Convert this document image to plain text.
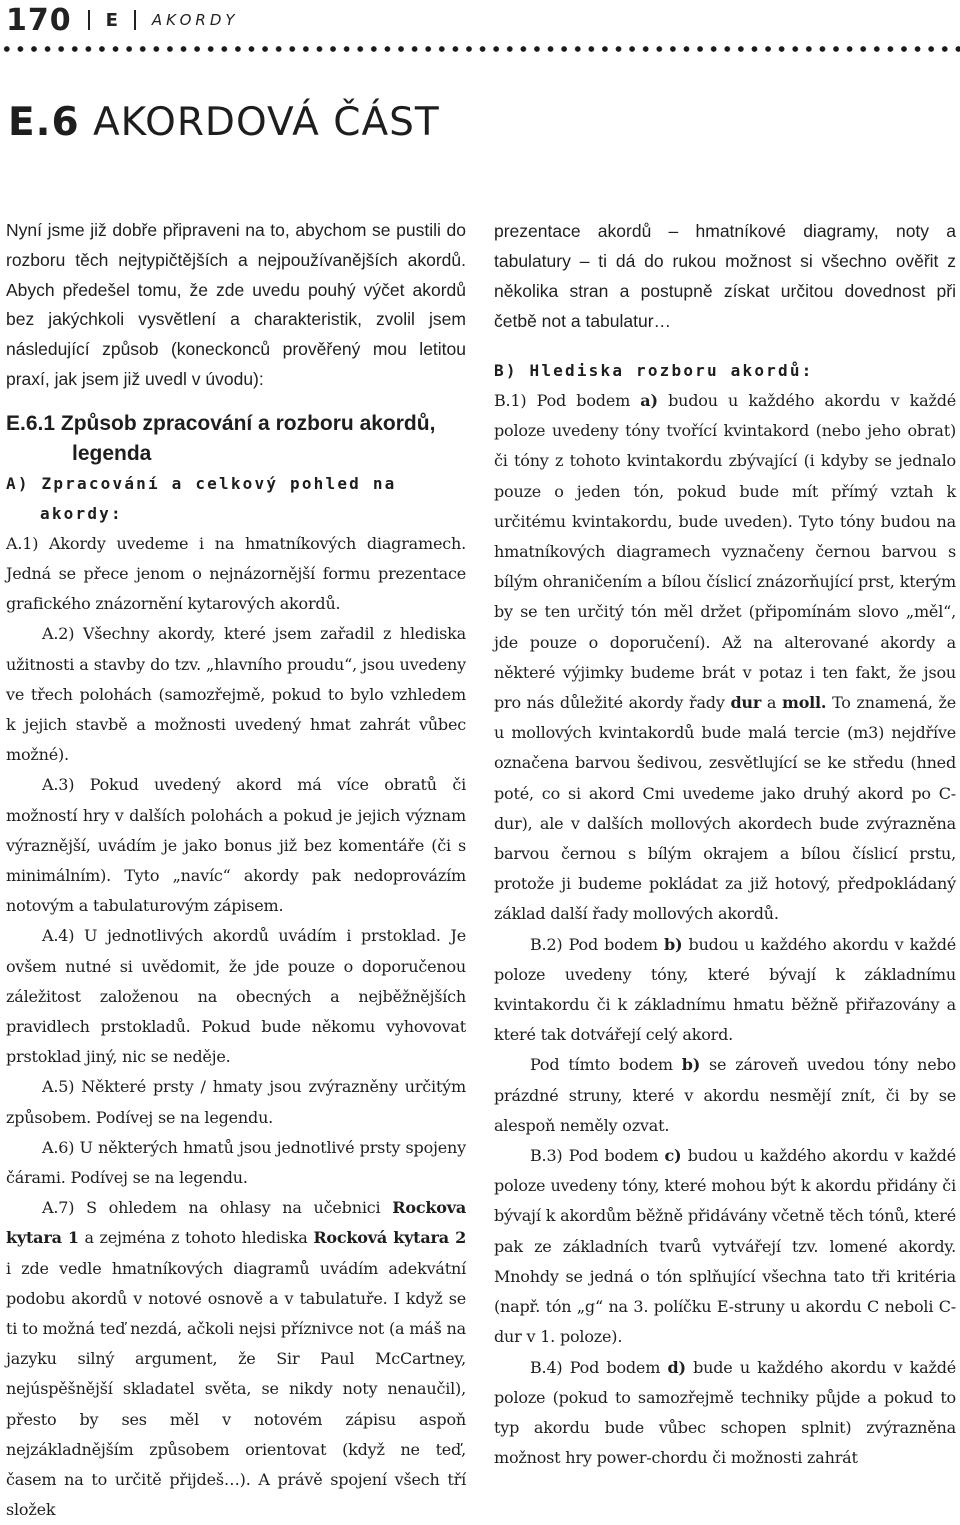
170 E AKORDY
E.6 AKORDOVÁ ČÁST

Nyní jsme již dobře připraveni na to, abychom se pustili do rozboru těch nejtypičtějších a nejpoužívanějších akordů. Abych předešel tomu, že zde uvedu pouhý výčet akordů bez jakýchkoli vysvětlení a charakteristik, zvolil jsem následující způsob (koneckonců prověřený mou letitou praxí, jak jsem již uvedl v úvodu):

E.6.1 Způsob zpracování a rozboru akordů, legenda
A) Zpracování a celkový pohled na akordy:

A.1) Akordy uvedeme i na hmatníkových diagramech. Jedná se přece jenom o nejnázornější formu prezentace grafického znázornění kytarových akordů.

A.2) Všechny akordy, které jsem zařadil z hlediska užitnosti a stavby do tzv. „hlavního proudu“, jsou uvedeny ve třech polohách (samozřejmě, pokud to bylo vzhledem k jejich stavbě a možnosti uvedený hmat zahrát vůbec možné).

A.3) Pokud uvedený akord má více obratů či možností hry v dalších polohách a pokud je jejich význam výraznější, uvádím je jako bonus již bez komentáře (či s minimálním). Tyto „navíc“ akordy pak nedoprovázím notovým a tabulaturovým zápisem.

A.4) U jednotlivých akordů uvádím i prstoklad. Je ovšem nutné si uvědomit, že jde pouze o doporučenou záležitost založenou na obecných a nejběžnějších pravidlech prstokladů. Pokud bude někomu vyhovovat prstoklad jiný, nic se neděje.

A.5) Některé prsty / hmaty jsou zvýrazněny určitým způsobem. Podívej se na legendu.

A.6) U některých hmatů jsou jednotlivé prsty spojeny čárami. Podívej se na legendu.

A.7) S ohledem na ohlasy na učebnici Rockova kytara 1 a zejména z tohoto hlediska Rocková kytara 2 i zde vedle hmatníkových diagramů uvádím adekvátní podobu akordů v notové osnově a v tabulatuře. I když se ti to možná teď nezdá, ačkoli nejsi příznivce not (a máš na jazyku silný argument, že Sir Paul McCartney, nejúspěšnější skladatel světa, se nikdy noty nenaučil), přesto by ses měl v notovém zápisu aspoň nejzákladnějším způsobem orientovat (když ne teď, časem na to určitě přijdeš…). A právě spojení všech tří složek

prezentace akordů – hmatníkové diagramy, noty a tabulatury – ti dá do rukou možnost si všechno ověřit z několika stran a postupně získat určitou dovednost při četbě not a tabulatur…

B) Hlediska rozboru akordů:

B.1) Pod bodem a) budou u každého akordu v každé poloze uvedeny tóny tvořící kvintakord (nebo jeho obrat) či tóny z tohoto kvintakordu zbývající (i kdyby se jednalo pouze o jeden tón, pokud bude mít přímý vztah k určitému kvintakordu, bude uveden). Tyto tóny budou na hmatníkových diagramech vyznačeny černou barvou s bílým ohraničením a bílou číslicí znázorňující prst, kterým by se ten určitý tón měl držet (připomínám slovo „měl“, jde pouze o doporučení). Až na alterované akordy a některé výjimky budeme brát v potaz i ten fakt, že jsou pro nás důležité akordy řady dur a moll. To znamená, že u mollových kvintakordů bude malá tercie (m3) nejdříve označena barvou šedivou, zesvětlující se ke středu (hned poté, co si akord Cmi uvedeme jako druhý akord po C-dur), ale v dalších mollových akordech bude zvýrazněna barvou černou s bílým okrajem a bílou číslicí prstu, protože ji budeme pokládat za již hotový, předpokládaný základ další řady mollových akordů.

B.2) Pod bodem b) budou u každého akordu v každé poloze uvedeny tóny, které bývají k základnímu kvintakordu či k základnímu hmatu běžně přiřazovány a které tak dotvářejí celý akord.

Pod tímto bodem b) se zároveň uvedou tóny nebo prázdné struny, které v akordu nesmějí znít, či by se alespoň neměly ozvat.

B.3) Pod bodem c) budou u každého akordu v každé poloze uvedeny tóny, které mohou být k akordu přidány či bývají k akordům běžně přidávány včetně těch tónů, které pak ze základních tvarů vytvářejí tzv. lomené akordy. Mnohdy se jedná o tón splňující všechna tato tři kritéria (např. tón „g“ na 3. políčku E-struny u akordu C neboli C-dur v 1. poloze).

B.4) Pod bodem d) bude u každého akordu v každé poloze (pokud to samozřejmě techniky půjde a pokud to typ akordu bude vůbec schopen splnit) zvýrazněna možnost hry power-chordu či možnosti zahrát
